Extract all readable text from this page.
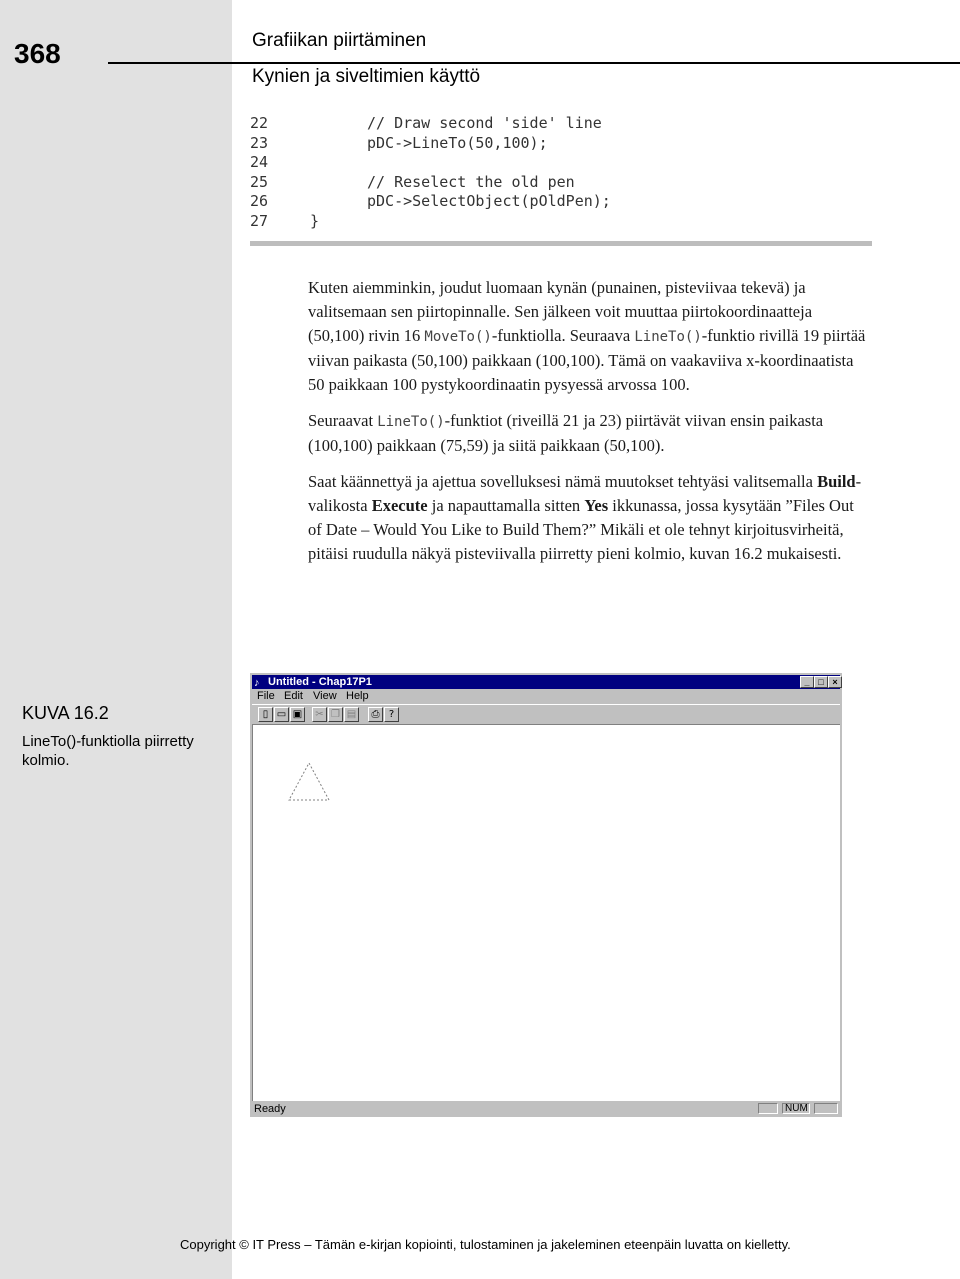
368	Grafiikan piirtäminen
Kynien ja siveltimien käyttö
22	// Draw second 'side' line
23	pDC->LineTo(50,100);
24
25	// Reselect the old pen
26	pDC->SelectObject(pOldPen);
27	}

Kuten aiemminkin, joudut luomaan kynän (punainen, pisteviivaa tekevä) ja valitsemaan sen piirtopinnalle. Sen jälkeen voit muuttaa piirtokoordinaatteja (50,100) rivin 16 MoveTo()-funktiolla. Seuraava LineTo()-funktio rivillä 19 piirtää viivan paikasta (50,100) paikkaan (100,100). Tämä on vaakaviiva x-koordinaatista 50 paikkaan 100 pystykoordinaatin pysyessä arvossa 100.

Seuraavat LineTo()-funktiot (riveillä 21 ja 23) piirtävät viivan ensin paikasta (100,100) paikkaan (75,59) ja siitä paikkaan (50,100).

Saat käännettyä ja ajettua sovelluksesi nämä muutokset tehtyäsi valitsemalla Build-valikosta Execute ja napauttamalla sitten Yes ikkunassa, jossa kysytään ”Files Out of Date – Would You Like to Build Them?” Mikäli et ole tehnyt kirjoitusvirheitä, pitäisi ruudulla näkyä pisteviivalla piirretty pieni kolmio, kuvan 16.2 mukaisesti.

KUVA 16.2
LineTo()-funktiolla piirretty kolmio.
♪ Untitled - Chap17P1	_ □ ×
File Edit View Help
▯ ▭ ▣	✂ ❐ ▤	⎙ ?
Ready	NUM
Copyright © IT Press – Tämän e-kirjan kopiointi, tulostaminen ja jakeleminen eteenpäin luvatta on kielletty.
